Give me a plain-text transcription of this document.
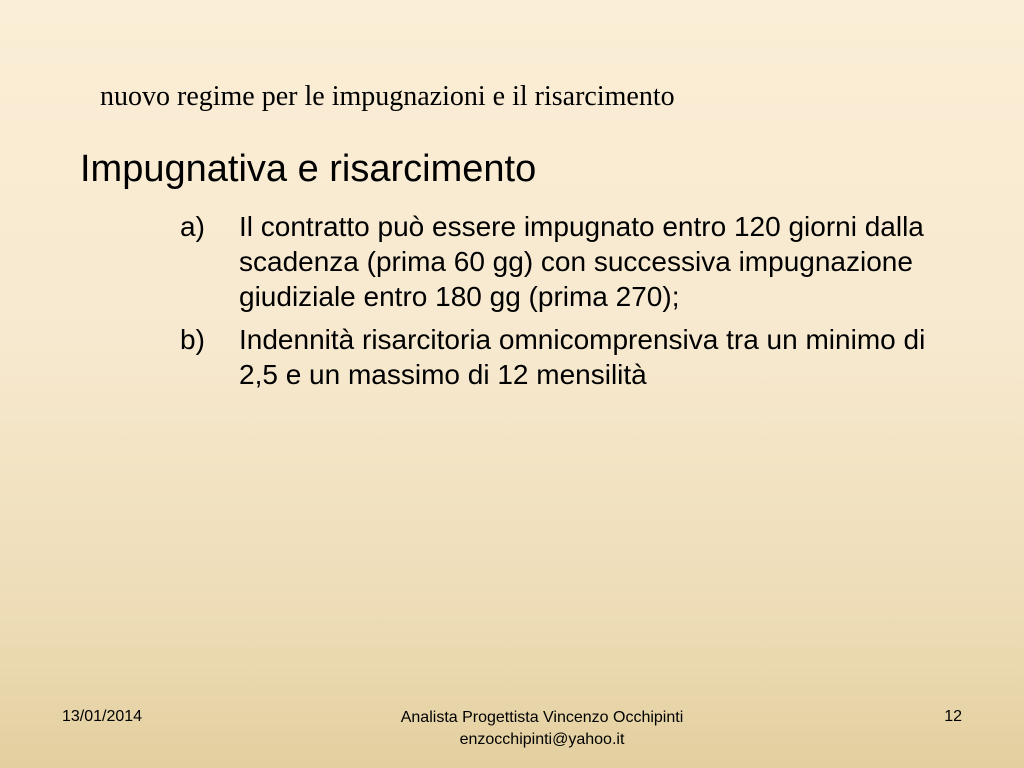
nuovo regime per le impugnazioni e il risarcimento
Impugnativa e risarcimento
a)	Il contratto può essere impugnato entro 120 giorni dalla scadenza (prima 60 gg) con successiva impugnazione giudiziale entro 180 gg (prima 270);
b)	Indennità risarcitoria omnicomprensiva tra un minimo di 2,5 e un massimo di 12 mensilità
13/01/2014	Analista Progettista Vincenzo Occhipinti
enzocchipinti@yahoo.it
12
